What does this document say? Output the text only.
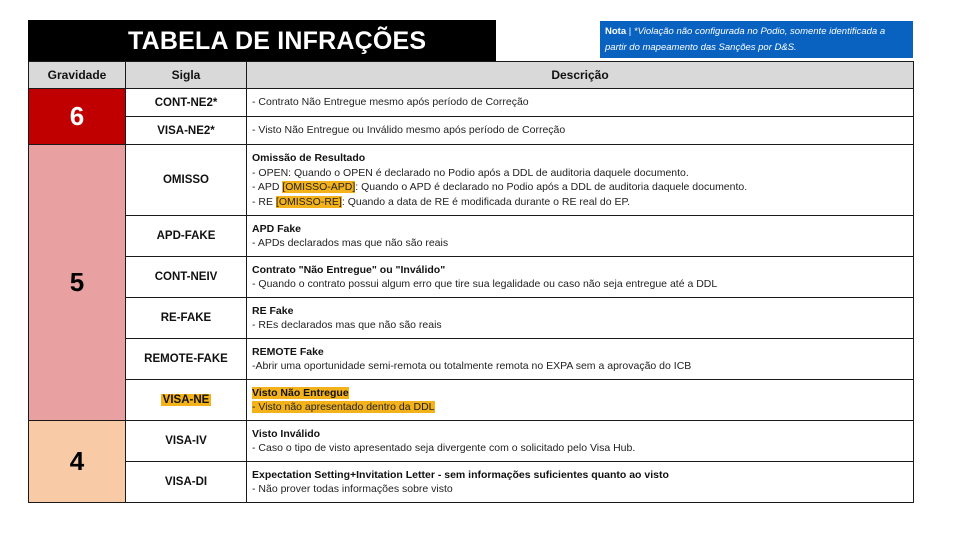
TABELA DE INFRAÇÕES	Nota | *Violação não configurada no Podio, somente identificada a partir do mapeamento das Sanções por D&S.
Gravidade	Sigla	Descrição
6	CONT-NE2*	- Contrato Não Entregue mesmo após período de Correção
	VISA-NE2*	- Visto Não Entregue ou Inválido mesmo após período de Correção
5	OMISSO	Omissão de Resultado
- OPEN: Quando o OPEN é declarado no Podio após a DDL de auditoria daquele documento.
- APD [OMISSO-APD]: Quando o APD é declarado no Podio após a DDL de auditoria daquele documento.
- RE [OMISSO-RE]: Quando a data de RE é modificada durante o RE real do EP.

	APD-FAKE	APD Fake
- APDs declarados mas que não são reais

	CONT-NEIV	Contrato "Não Entregue" ou "Inválido"
- Quando o contrato possui algum erro que tire sua legalidade ou caso não seja entregue até a DDL

	RE-FAKE	RE Fake
- REs declarados mas que não são reais

	REMOTE-FAKE	REMOTE Fake
-Abrir uma oportunidade semi-remota ou totalmente remota no EXPA sem a aprovação do ICB

	VISA-NE	Visto Não Entregue
- Visto não apresentado dentro da DDL

4	VISA-IV	Visto Inválido
- Caso o tipo de visto apresentado seja divergente com o solicitado pelo Visa Hub.

	VISA-DI	Expectation Setting+Invitation Letter - sem informações suficientes quanto ao visto
- Não prover todas informações sobre visto
